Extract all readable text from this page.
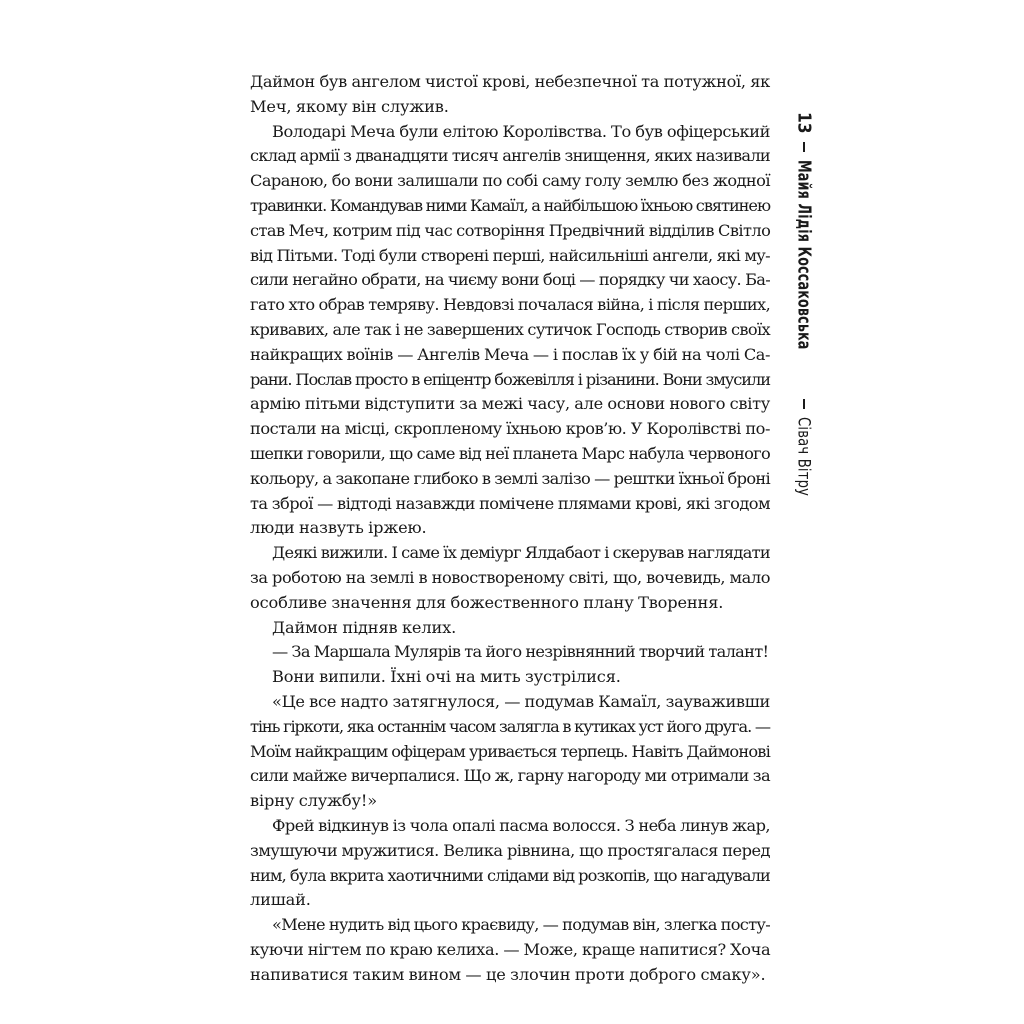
Даймон був ангелом чистої крові, небезпечної та потужної, як
Меч, якому він служив.
Володарі Меча були елітою Королівства. То був офіцерський
склад армії з дванадцяти тисяч ангелів знищення, яких називали
Сараною, бо вони залишали по собі саму голу землю без жодної
травинки. Командував ними Камаїл, а найбільшою їхньою святинею
став Меч, котрим під час сотворіння Предвічний відділив Світло
від Пітьми. Тоді були створені перші, найсильніші ангели, які му-
сили негайно обрати, на чиєму вони боці — порядку чи хаосу. Ба-
гато хто обрав темряву. Невдовзі почалася війна, і після перших,
кривавих, але так і не завершених сутичок Господь створив своїх
найкращих воїнів — Ангелів Меча — і послав їх у бій на чолі Са-
рани. Послав просто в епіцентр божевілля і різанини. Вони змусили
армію пітьми відступити за межі часу, але основи нового світу
постали на місці, скропленому їхньою кров’ю. У Королівстві по-
шепки говорили, що саме від неї планета Марс набула червоного
кольору, а закопане глибоко в землі залізо — рештки їхньої броні
та зброї — відтоді назавжди помічене плямами крові, які згодом
люди назвуть іржею.
Деякі вижили. І саме їх деміург Ялдабаот і скерував наглядати
за роботою на землі в новоствореному світі, що, вочевидь, мало
особливе значення для божественного плану Творення.
Даймон підняв келих.
— За Маршала Мулярів та його незрівнянний творчий талант!
Вони випили. Їхні очі на мить зустрілися.
«Це все надто затягнулося, — подумав Камаїл, зауваживши
тінь гіркоти, яка останнім часом залягла в кутиках уст його друга. —
Моїм найкращим офіцерам уривається терпець. Навіть Даймонові
сили майже вичерпалися. Що ж, гарну нагороду ми отримали за
вірну службу!»
Фрей відкинув із чола опалі пасма волосся. З неба линув жар,
змушуючи мружитися. Велика рівнина, що простягалася перед
ним, була вкрита хаотичними слідами від розкопів, що нагадували
лишай.
«Мене нудить від цього краєвиду, — подумав він, злегка посту-
куючи нігтем по краю келиха. — Може, краще напитися? Хоча
напиватися таким вином — це злочин проти доброго смаку».
13
Майя Лідія Коссаковська
Сівач Вітру
